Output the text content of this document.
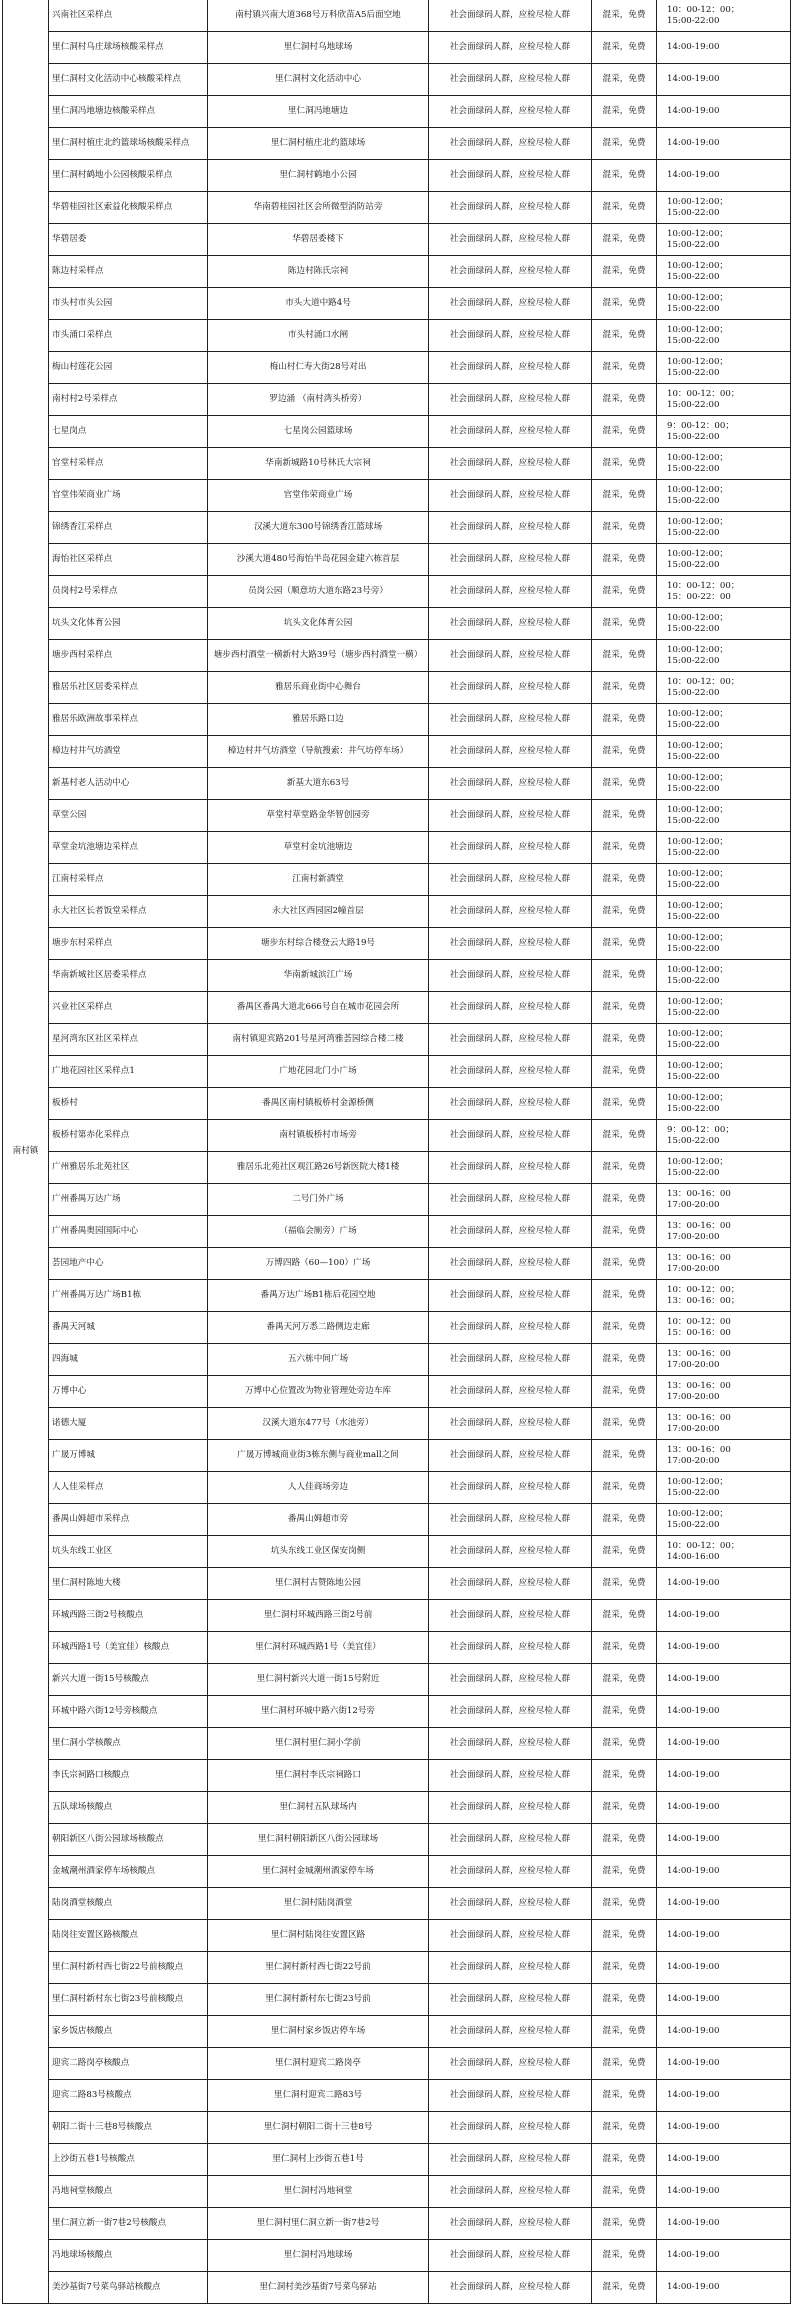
南村镇	兴南社区采样点	南村镇兴南大道368号万科欣苗A5后面空地	社会面绿码人群，应检尽检人群	混采，免费	10：00-12：00；
15:00-22:00
	里仁洞村乌庄球场核酸采样点	里仁洞村乌地球场	社会面绿码人群，应检尽检人群	混采，免费	14:00-19:00
	里仁洞村文化活动中心核酸采样点	里仁洞村文化活动中心	社会面绿码人群，应检尽检人群	混采，免费	14:00-19:00
	里仁洞冯地塘边核酸采样点	里仁洞冯地塘边	社会面绿码人群，应检尽检人群	混采，免费	14:00-19:00
	里仁洞村植庄北约篮球场核酸采样点	里仁洞村植庄北约篮球场	社会面绿码人群，应检尽检人群	混采，免费	14:00-19:00
	里仁洞村鹤地小公园核酸采样点	里仁洞村鹤地小公园	社会面绿码人群，应检尽检人群	混采，免费	14:00-19:00
	华碧桂园社区索益化核酸采样点	华南碧桂园社区会所微型消防站旁	社会面绿码人群，应检尽检人群	混采，免费	10:00-12:00；
15:00-22:00
	华碧居委	华碧居委楼下	社会面绿码人群，应检尽检人群	混采，免费	10:00-12:00；
15:00-22:00
	陈边村采样点	陈边村陈氏宗祠	社会面绿码人群，应检尽检人群	混采，免费	10:00-12:00；
15:00-22:00
	市头村市头公园	市头大道中路4号	社会面绿码人群，应检尽检人群	混采，免费	10:00-12:00；
15:00-22:00
	市头涌口采样点	市头村涌口水闸	社会面绿码人群，应检尽检人群	混采，免费	10:00-12:00；
15:00-22:00
	梅山村莲花公园	梅山村仁寿大街28号对出	社会面绿码人群，应检尽检人群	混采，免费	10:00-12:00；
15:00-22:00
	南村村2号采样点	罗边涌 （南村湾头桥旁）	社会面绿码人群，应检尽检人群	混采，免费	10：00-12：00；
15:00-22:00
	七星岗点	七星岗公园篮球场	社会面绿码人群，应检尽检人群	混采，免费	9：00-12：00；
15:00-22:00
	官堂村采样点	华南新城路10号林氏大宗祠	社会面绿码人群，应检尽检人群	混采，免费	10:00-12:00；
15:00-22:00
	官堂伟荣商业广场	官堂伟荣商业广场	社会面绿码人群，应检尽检人群	混采，免费	10:00-12:00；
15:00-22:00
	锦绣香江采样点	汉溪大道东300号锦绣香江篮球场	社会面绿码人群，应检尽检人群	混采，免费	10:00-12:00；
15:00-22:00
	海怡社区采样点	沙溪大道480号海怡半岛花园金建六栋首层	社会面绿码人群，应检尽检人群	混采，免费	10:00-12:00；
15:00-22:00
	员岗村2号采样点	员岗公园（顺意坊大道东路23号旁）	社会面绿码人群，应检尽检人群	混采，免费	10：00-12：00；
15：00-22：00
	坑头文化体育公园	坑头文化体育公园	社会面绿码人群，应检尽检人群	混采，免费	10:00-12:00；
15:00-22:00
	塘步西村采样点	塘步西村酒堂一横新村大路39号（塘步西村酒堂一横）	社会面绿码人群，应检尽检人群	混采，免费	10:00-12:00；
15:00-22:00
	雅居乐社区居委采样点	雅居乐商业街中心舞台	社会面绿码人群，应检尽检人群	混采，免费	10：00-12：00；
15:00-22:00
	雅居乐欧洲故事采样点	雅居乐路口边	社会面绿码人群，应检尽检人群	混采，免费	10:00-12:00；
15:00-22:00
	樟边村井气坊酒堂	樟边村井气坊酒堂（导航搜索：井气坊停车场）	社会面绿码人群，应检尽检人群	混采，免费	10:00-12:00；
15:00-22:00
	新基村老人活动中心	新基大道东63号	社会面绿码人群，应检尽检人群	混采，免费	10:00-12:00；
15:00-22:00
	草堂公园	草堂村草堂路金华智创园旁	社会面绿码人群，应检尽检人群	混采，免费	10:00-12:00；
15:00-22:00
	草堂金坑池塘边采样点	草堂村金坑池塘边	社会面绿码人群，应检尽检人群	混采，免费	10:00-12:00；
15:00-22:00
	江南村采样点	江南村新酒堂	社会面绿码人群，应检尽检人群	混采，免费	10:00-12:00；
15:00-22:00
	永大社区长者饭堂采样点	永大社区西园园2幢首层	社会面绿码人群，应检尽检人群	混采，免费	10:00-12:00；
15:00-22:00
	塘步东村采样点	塘步东村综合楼登云大路19号	社会面绿码人群，应检尽检人群	混采，免费	10:00-12:00；
15:00-22:00
	华南新城社区居委采样点	华南新城滨江广场	社会面绿码人群，应检尽检人群	混采，免费	10:00-12:00；
15:00-22:00
	兴业社区采样点	番禺区番禺大道北666号自在城市花园会所	社会面绿码人群，应检尽检人群	混采，免费	10:00-12:00；
15:00-22:00
	星河湾东区社区采样点	南村镇迎宾路201号星河湾雅荟园综合楼二楼	社会面绿码人群，应检尽检人群	混采，免费	10:00-12:00；
15:00-22:00
	广地花园社区采样点1	广地花园北门小广场	社会面绿码人群，应检尽检人群	混采，免费	10:00-12:00；
15:00-22:00
	板桥村	番禺区南村镇板桥村金源桥侧	社会面绿码人群，应检尽检人群	混采，免费	10:00-12:00；
15:00-22:00
	板桥村第赤化采样点	南村镇板桥村市场旁	社会面绿码人群，应检尽检人群	混采，免费	9：00-12：00；
15:00-22:00
	广州雅居乐北苑社区	雅居乐北苑社区观江路26号新医院大楼1楼	社会面绿码人群，应检尽检人群	混采，免费	10:00-12:00；
15:00-22:00
	广州番禺万达广场	二号门外广场	社会面绿码人群，应检尽检人群	混采，免费	13：00-16：00
17:00-20:00
	广州番禺奥园国际中心	（福临会厕旁）广场	社会面绿码人群，应检尽检人群	混采，免费	13：00-16：00
17:00-20:00
	荟园地产中心	万博四路（60—100）广场	社会面绿码人群，应检尽检人群	混采，免费	13：00-16：00
17:00-20:00
	广州番禺万达广场B1栋	番禺万达广场B1栋后花园空地	社会面绿码人群，应检尽检人群	混采，免费	10：00-12：00；
13：00-16：00；
	番禺天河城	番禺天河万悉二路侧边走廊	社会面绿码人群，应检尽检人群	混采，免费	10：00-12：00
15：00-16：00
	四海城	五六栋中间广场	社会面绿码人群，应检尽检人群	混采，免费	13：00-16：00
17:00-20:00
	万博中心	万博中心位置改为物业管理处旁边车库	社会面绿码人群，应检尽检人群	混采，免费	13：00-16：00
17:00-20:00
	诺德大厦	汉溪大道东477号（水池旁）	社会面绿码人群，应检尽检人群	混采，免费	13：00-16：00
17:00-20:00
	广晟万博城	广晟万博城商业街3栋东侧与商业mall之间	社会面绿码人群，应检尽检人群	混采，免费	13：00-16：00
17:00-20:00
	人人佳采样点	人人佳商场旁边	社会面绿码人群，应检尽检人群	混采，免费	10:00-12:00；
15:00-22:00
	番禺山姆超市采样点	番禺山姆超市旁	社会面绿码人群，应检尽检人群	混采，免费	10:00-12:00；
15:00-22:00
	坑头东线工业区	坑头东线工业区保安岗侧	社会面绿码人群，应检尽检人群	混采，免费	10：00-12：00；
14:00-16:00
	里仁洞村陈地大楼	里仁洞村古赞陈地公园	社会面绿码人群，应检尽检人群	混采，免费	14:00-19:00
	环城西路三街2号核酸点	里仁洞村环城西路三街2号前	社会面绿码人群，应检尽检人群	混采，免费	14:00-19:00
	环城西路1号（美宜佳）核酸点	里仁洞村环城西路1号（美宜佳）	社会面绿码人群，应检尽检人群	混采，免费	14:00-19:00
	新兴大道一街15号核酸点	里仁洞村新兴大道一街15号附近	社会面绿码人群，应检尽检人群	混采，免费	14:00-19:00
	环城中路六街12号旁核酸点	里仁洞村环城中路六街12号旁	社会面绿码人群，应检尽检人群	混采，免费	14:00-19:00
	里仁洞小学核酸点	里仁洞村里仁洞小学前	社会面绿码人群，应检尽检人群	混采，免费	14:00-19:00
	李氏宗祠路口核酸点	里仁洞村李氏宗祠路口	社会面绿码人群，应检尽检人群	混采，免费	14:00-19:00
	五队球场核酸点	里仁洞村五队球场内	社会面绿码人群，应检尽检人群	混采，免费	14:00-19:00
	朝阳新区八街公园球场核酸点	里仁洞村朝阳新区八街公园球场	社会面绿码人群，应检尽检人群	混采，免费	14:00-19:00
	金城潮州酒家停车场核酸点	里仁洞村金城潮州酒家停车场	社会面绿码人群，应检尽检人群	混采，免费	14:00-19:00
	陆岗酒堂核酸点	里仁洞村陆岗酒堂	社会面绿码人群，应检尽检人群	混采，免费	14:00-19:00
	陆岗往安置区路核酸点	里仁洞村陆岗往安置区路	社会面绿码人群，应检尽检人群	混采，免费	14:00-19:00
	里仁洞村新村西七街22号前核酸点	里仁洞村新村西七街22号前	社会面绿码人群，应检尽检人群	混采，免费	14:00-19:00
	里仁洞村新村东七街23号前核酸点	里仁洞村新村东七街23号前	社会面绿码人群，应检尽检人群	混采，免费	14:00-19:00
	家乡饭店核酸点	里仁洞村家乡饭店停车场	社会面绿码人群，应检尽检人群	混采，免费	14:00-19:00
	迎宾二路岗亭核酸点	里仁洞村迎宾二路岗亭	社会面绿码人群，应检尽检人群	混采，免费	14:00-19:00
	迎宾二路83号核酸点	里仁洞村迎宾二路83号	社会面绿码人群，应检尽检人群	混采，免费	14:00-19:00
	朝阳二街十三巷8号核酸点	里仁洞村朝阳二街十三巷8号	社会面绿码人群，应检尽检人群	混采，免费	14:00-19:00
	上沙街五巷1号核酸点	里仁洞村上沙街五巷1号	社会面绿码人群，应检尽检人群	混采，免费	14:00-19:00
	冯地祠堂核酸点	里仁洞村冯地祠堂	社会面绿码人群，应检尽检人群	混采，免费	14:00-19:00
	里仁洞立新一街7巷2号核酸点	里仁洞村里仁洞立新一街7巷2号	社会面绿码人群，应检尽检人群	混采，免费	14:00-19:00
	冯地球场核酸点	里仁洞村冯地球场	社会面绿码人群，应检尽检人群	混采，免费	14:00-19:00
	美沙基街7号菜鸟驿站核酸点	里仁洞村美沙基街7号菜鸟驿站	社会面绿码人群，应检尽检人群	混采，免费	14:00-19:00
